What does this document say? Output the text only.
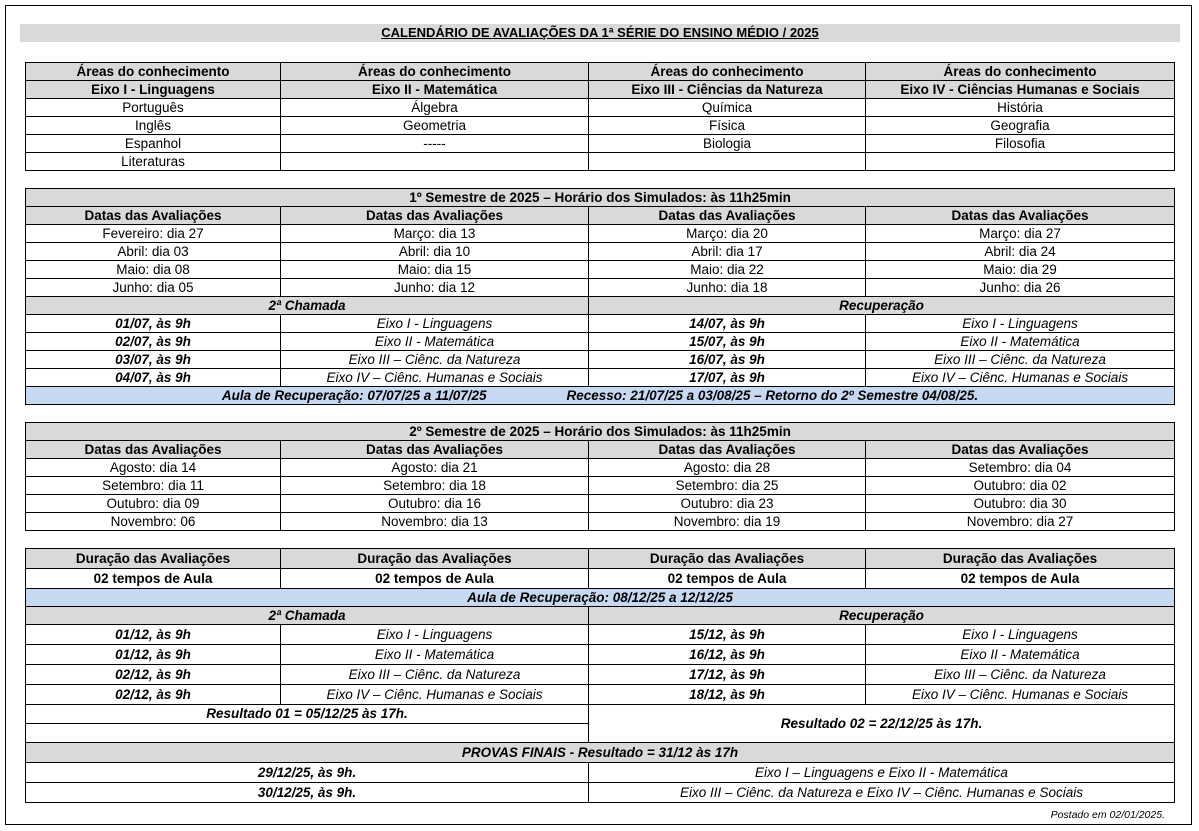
CALENDÁRIO DE AVALIAÇÕES DA 1ª SÉRIE DO ENSINO MÉDIO / 2025
Áreas do conhecimento	Áreas do conhecimento	Áreas do conhecimento	Áreas do conhecimento
Eixo I - Linguagens	Eixo II - Matemática	Eixo III - Ciências da Natureza	Eixo IV - Ciências Humanas e Sociais
Português	Álgebra	Química	História
Inglês	Geometria	Física	Geografia
Espanhol	-----	Biologia	Filosofia
Literaturas			
1º Semestre de 2025 – Horário dos Simulados: às 11h25min			
Datas das Avaliações	Datas das Avaliações	Datas das Avaliações	Datas das Avaliações
Fevereiro: dia 27	Março: dia 13	Março: dia 20	Março: dia 27
Abril: dia 03	Abril: dia 10	Abril: dia 17	Abril: dia 24
Maio: dia 08	Maio: dia 15	Maio: dia 22	Maio: dia 29
Junho: dia 05	Junho: dia 12	Junho: dia 18	Junho: dia 26
2ª Chamada		Recuperação	
01/07, às 9h	Eixo I - Linguagens	14/07, às 9h	Eixo I - Linguagens
02/07, às 9h	Eixo II - Matemática	15/07, às 9h	Eixo II - Matemática
03/07, às 9h	Eixo III – Ciênc. da Natureza	16/07, às 9h	Eixo III – Ciênc. da Natureza
04/07, às 9h	Eixo IV – Ciênc. Humanas e Sociais	17/07, às 9h	Eixo IV – Ciênc. Humanas e Sociais

Aula de Recuperação: 07/07/25 a 11/07/25 Recesso: 21/07/25 a 03/08/25 – Retorno do 2º Semestre 04/08/25.			
2º Semestre de 2025 – Horário dos Simulados: às 11h25min			
Datas das Avaliações	Datas das Avaliações	Datas das Avaliações	Datas das Avaliações
Agosto: dia 14	Agosto: dia 21	Agosto: dia 28	Setembro: dia 04
Setembro: dia 11	Setembro: dia 18	Setembro: dia 25	Outubro: dia 02
Outubro: dia 09	Outubro: dia 16	Outubro: dia 23	Outubro: dia 30
Novembro: 06	Novembro: dia 13	Novembro: dia 19	Novembro: dia 27
Duração das Avaliações	Duração das Avaliações	Duração das Avaliações	Duração das Avaliações
02 tempos de Aula	02 tempos de Aula	02 tempos de Aula	02 tempos de Aula
Aula de Recuperação: 08/12/25 a 12/12/25			
2ª Chamada		Recuperação	
01/12, às 9h	Eixo I - Linguagens	15/12, às 9h	Eixo I - Linguagens
01/12, às 9h	Eixo II - Matemática	16/12, às 9h	Eixo II - Matemática
02/12, às 9h	Eixo III – Ciênc. da Natureza	17/12, às 9h	Eixo III – Ciênc. da Natureza
02/12, às 9h	Eixo IV – Ciênc. Humanas e Sociais	18/12, às 9h	Eixo IV – Ciênc. Humanas e Sociais
Resultado 01 = 05/12/25 às 17h.		Resultado 02 = 22/12/25 às 17h.	

PROVAS FINAIS - Resultado = 31/12 às 17h			
29/12/25, às 9h.		Eixo I – Linguagens e Eixo II - Matemática	
30/12/25, às 9h.		Eixo III – Ciênc. da Natureza e Eixo IV – Ciênc. Humanas e Sociais	
Postado em 02/01/2025.
